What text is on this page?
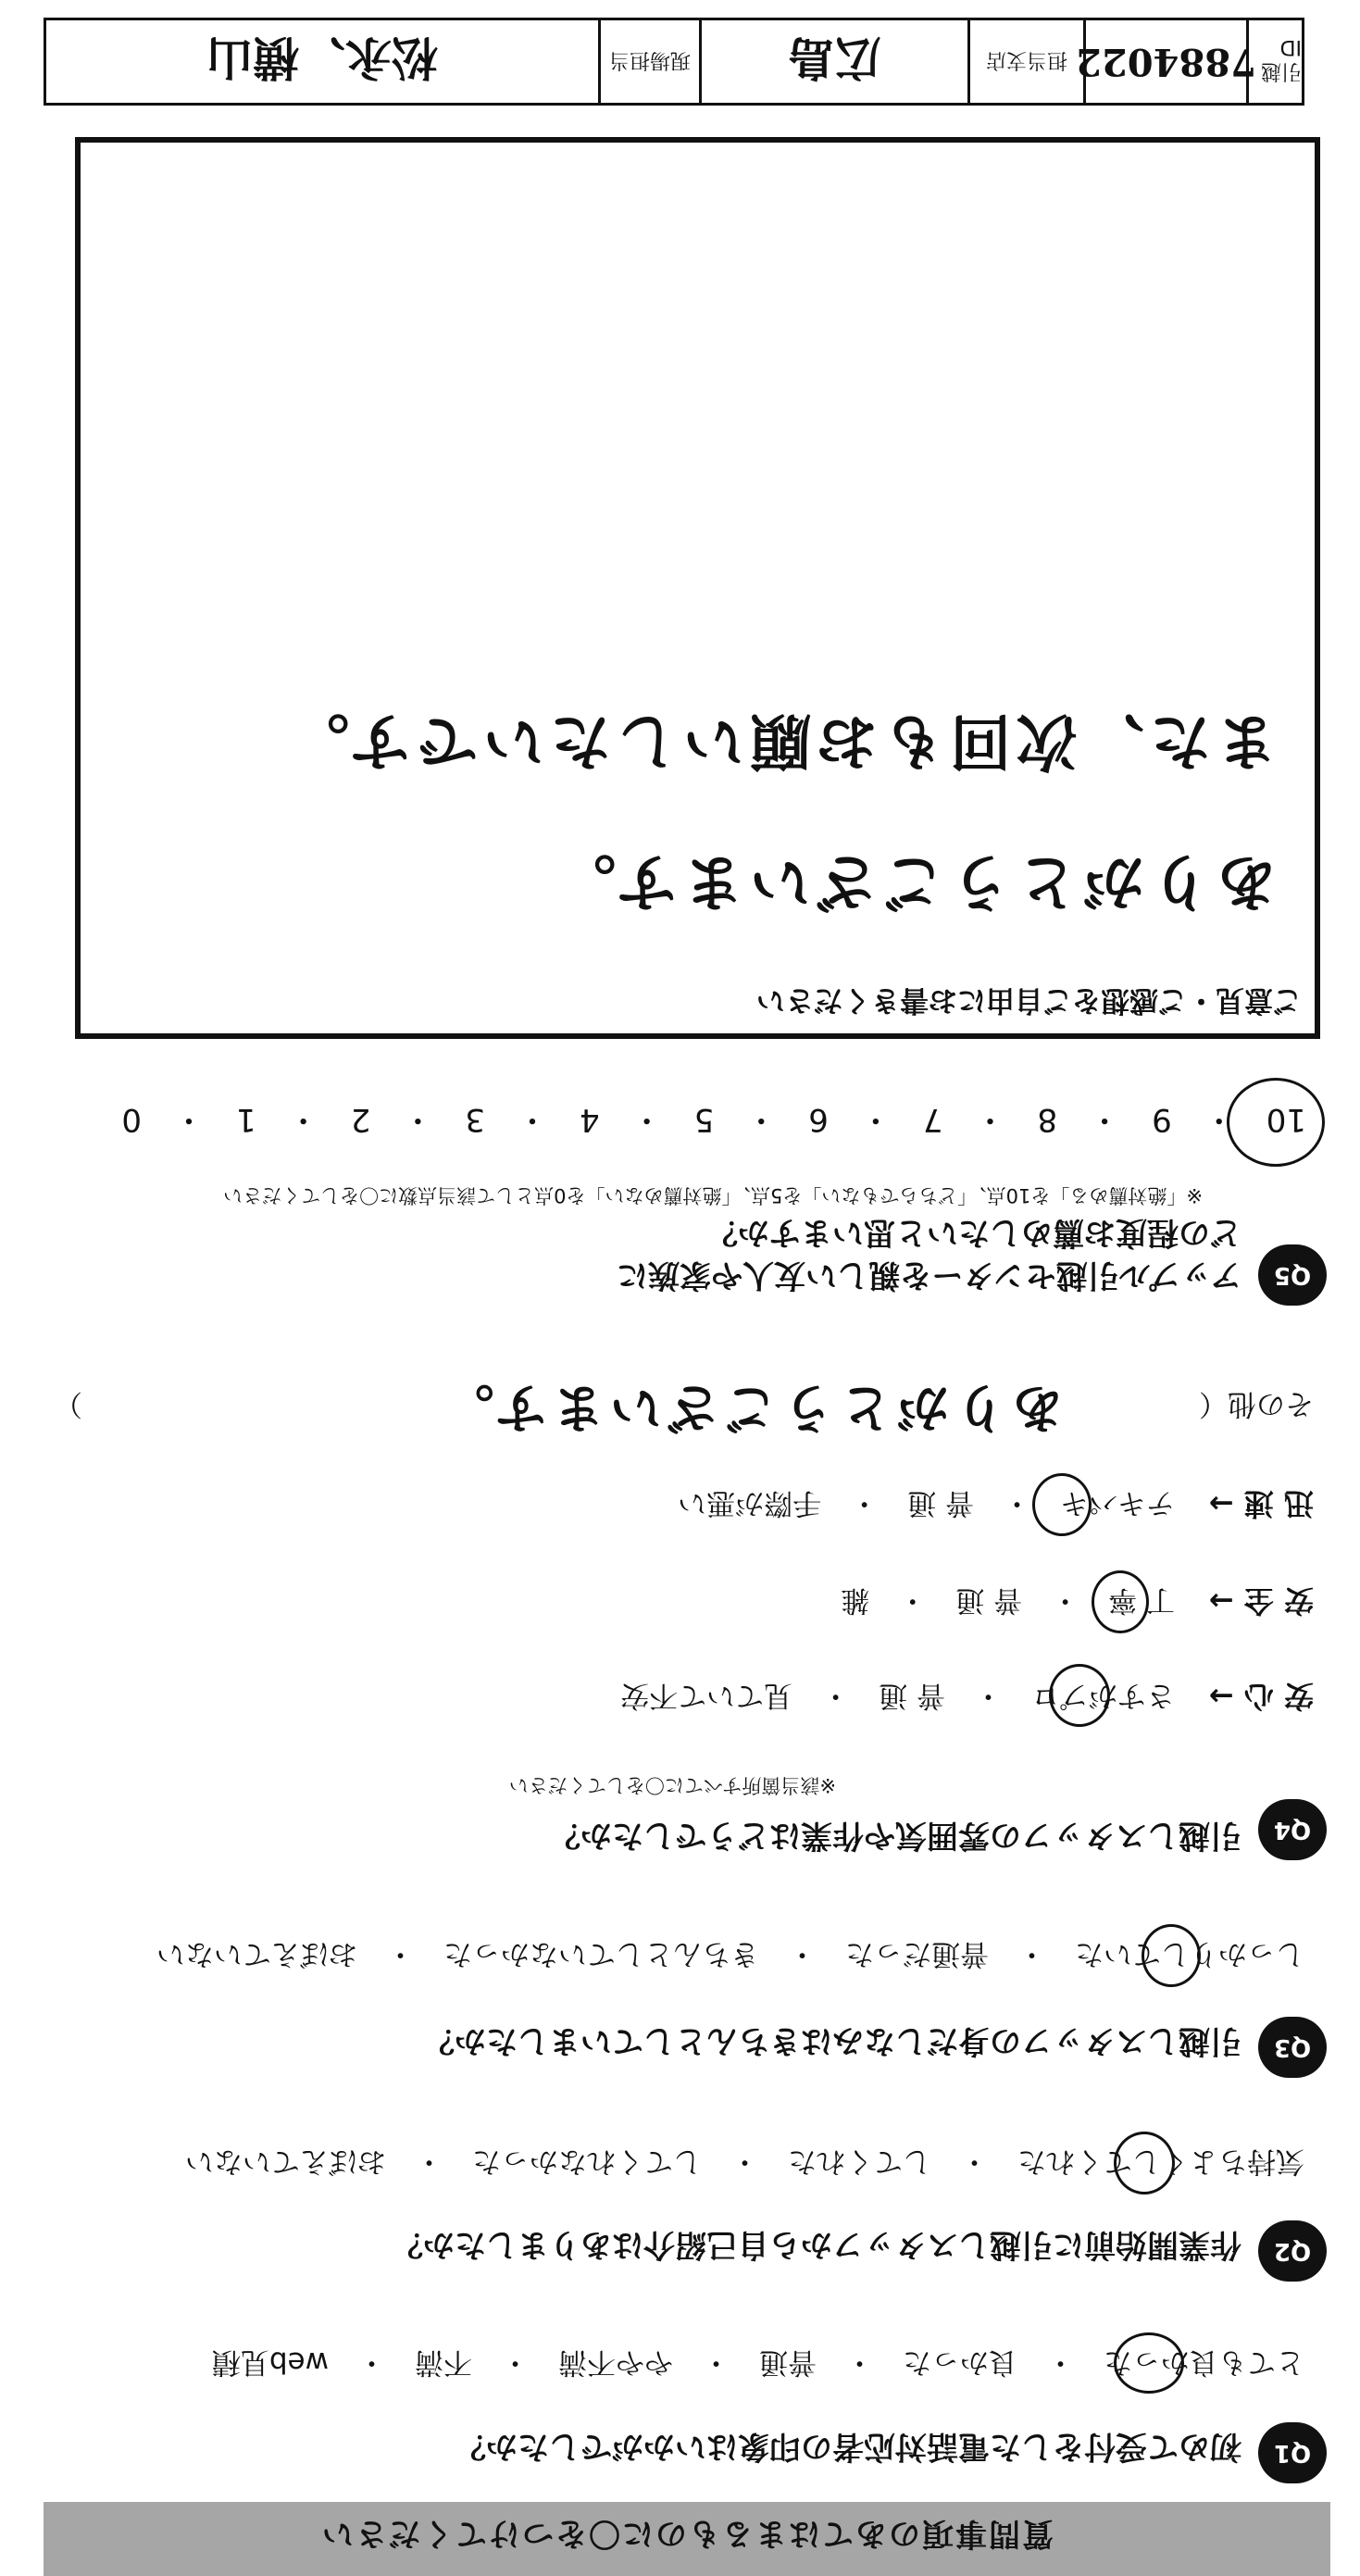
質問事項のあてはまるものに〇をつけてください
Q1
初めて受付をした電話対応者の印象はいかがでしたか？
とても良かった　・　良かった　・　普通　・　やや不満　・　不満　・　web見積
Q2
作業開始前に引越しスタッフから自己紹介はありましたか？
気持ちよくしてくれた　・　してくれた　・　してくれなかった　・　おぼえていない
Q3
引越しスタッフの身だしなみはきちんとしていましたか？
しっかりしていた　・　普通だった　・　きちんとしていなかった　・　おぼえていない
Q4
引越しスタッフの雰囲気や作業はどうでしたか？
※該当箇所すべてに〇をしてください
安 心 →
さすがプロ　・　普 通　・　見ていて不安
安 全 →
丁 寧　・　普 通　・　雑
迅 速 →
テキパキ　・　普 通　・　手際が悪い
その他（
ありがとうございます。
）
Q5
アップル引越センターを親しい友人や家族に
どの程度お薦めしたいと思いますか？
※「絶対薦める」を10点、「どちらでもない」を5点、「絶対薦めない」を0点として該当点数に〇をしてください
10　・　9　・　8　・　7　・　6　・　5　・　4　・　3　・　2　・　1　・　0
ご意見・ご感想をご自由にお書きください
ありがとうございます。
また、次回もお願いしたいです。
引越ID
7884022
担当支店
広島
現場担当
松永、横山
